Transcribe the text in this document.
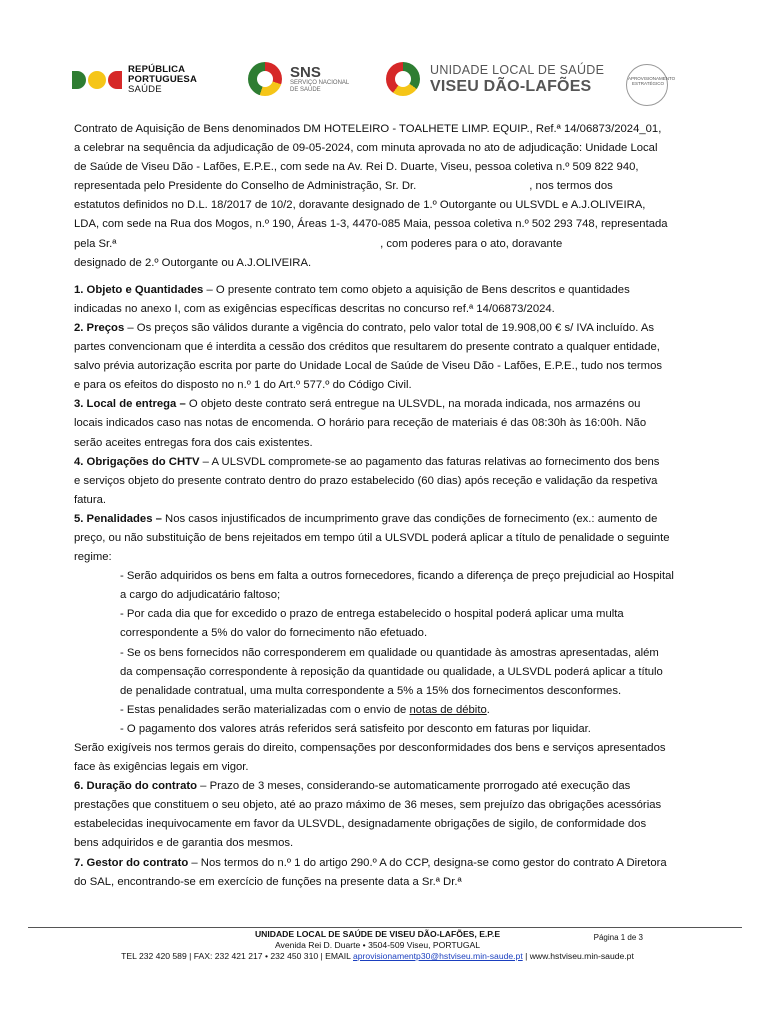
REPÚBLICA
PORTUGUESA
SAÚDE
SNS
SERVIÇO NACIONAL DE SAÚDE
UNIDADE LOCAL DE SAÚDE
VISEU DÃO-LAFÕES	APROVISIONAMENTO ESTRATÉGICO

Contrato de Aquisição de Bens denominados DM HOTELEIRO - TOALHETE LIMP. EQUIP., Ref.ª 14/06873/2024_01,

a celebrar na sequência da adjudicação de 09-05-2024, com minuta aprovada no ato de adjudicação: Unidade Local

de Saúde de Viseu Dão - Lafões, E.P.E., com sede na Av. Rei D. Duarte, Viseu, pessoa coletiva n.º 509 822 940,

representada pelo Presidente do Conselho de Administração, Sr. Dr.                                    , nos termos dos

estatutos definidos no D.L. 18/2017 de 10/2, doravante designado de 1.º Outorgante ou ULSVDL e A.J.OLIVEIRA,

LDA, com sede na Rua dos Mogos, n.º 190, Áreas 1-3, 4470-085 Maia, pessoa coletiva n.º 502 293 748, representada

pela Sr.ª                                                                                    , com poderes para o ato, doravante

designado de 2.º Outorgante ou A.J.OLIVEIRA.

1. Objeto e Quantidades – O presente contrato tem como objeto a aquisição de Bens descritos e quantidades

indicadas no anexo I, com as exigências específicas descritas no concurso ref.ª 14/06873/2024.

2. Preços – Os preços são válidos durante a vigência do contrato, pelo valor total de 19.908,00 € s/ IVA incluído. As

partes convencionam que é interdita a cessão dos créditos que resultarem do presente contrato a qualquer entidade,

salvo prévia autorização escrita por parte do Unidade Local de Saúde de Viseu Dão - Lafões, E.P.E., tudo nos termos

e para os efeitos do disposto no n.º 1 do Art.º 577.º do Código Civil.

3. Local de entrega – O objeto deste contrato será entregue na ULSVDL, na morada indicada, nos armazéns ou

locais indicados caso nas notas de encomenda. O horário para receção de materiais é das 08:30h às 16:00h. Não

serão aceites entregas fora dos cais existentes.

4. Obrigações do CHTV – A ULSVDL compromete-se ao pagamento das faturas relativas ao fornecimento dos bens

e serviços objeto do presente contrato dentro do prazo estabelecido (60 dias) após receção e validação da respetiva

fatura.

5. Penalidades – Nos casos injustificados de incumprimento grave das condições de fornecimento (ex.: aumento de

preço, ou não substituição de bens rejeitados em tempo útil a ULSVDL poderá aplicar a título de penalidade o seguinte

regime:

- Serão adquiridos os bens em falta a outros fornecedores, ficando a diferença de preço prejudicial ao Hospital

a cargo do adjudicatário faltoso;

- Por cada dia que for excedido o prazo de entrega estabelecido o hospital poderá aplicar uma multa

correspondente a 5% do valor do fornecimento não efetuado.

- Se os bens fornecidos não corresponderem em qualidade ou quantidade às amostras apresentadas, além

da compensação correspondente à reposição da quantidade ou qualidade, a ULSVDL poderá aplicar a título

de penalidade contratual, uma multa correspondente a 5% a 15% dos fornecimentos desconformes.

- Estas penalidades serão materializadas com o envio de notas de débito.

- O pagamento dos valores atrás referidos será satisfeito por desconto em faturas por liquidar.

Serão exigíveis nos termos gerais do direito, compensações por desconformidades dos bens e serviços apresentados

face às exigências legais em vigor.

6. Duração do contrato – Prazo de 3 meses, considerando-se automaticamente prorrogado até execução das

prestações que constituem o seu objeto, até ao prazo máximo de 36 meses, sem prejuízo das obrigações acessórias

estabelecidas inequivocamente em favor da ULSVDL, designadamente obrigações de sigilo, de conformidade dos

bens adquiridos e de garantia dos mesmos.

7. Gestor do contrato – Nos termos do n.º 1 do artigo 290.º A do CCP, designa-se como gestor do contrato A Diretora

do SAL, encontrando-se em exercício de funções na presente data a Sr.ª Dr.ª

UNIDADE LOCAL DE SAÚDE DE VISEU DÃO-LAFÕES, E.P.E	Página 1 de 3
Avenida Rei D. Duarte • 3504-509 Viseu, PORTUGAL
TEL 232 420 589 | FAX: 232 421 217 • 232 450 310 | EMAIL aprovisionamentp30@hstviseu.min-saude.pt | www.hstviseu.min-saude.pt
